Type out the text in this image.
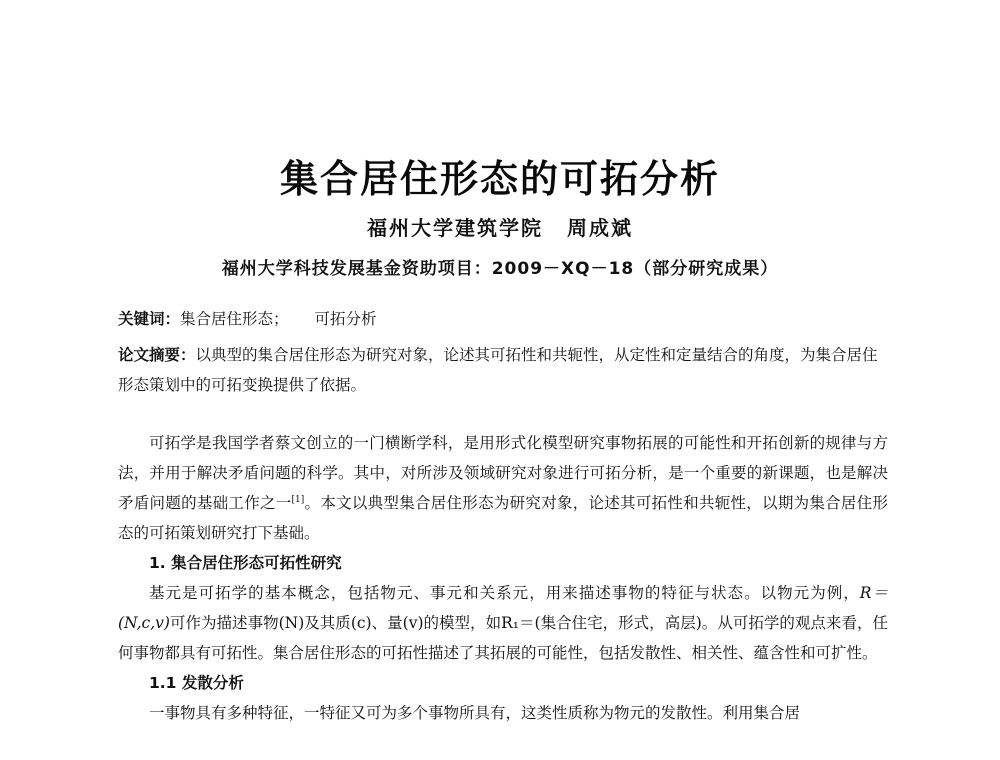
集合居住形态的可拓分析
福州大学建筑学院 周成斌
福州大学科技发展基金资助项目：2009－XQ－18（部分研究成果）
关键词：集合居住形态； 可拓分析
论文摘要：以典型的集合居住形态为研究对象，论述其可拓性和共轭性，从定性和定量结合的角度，为集合居住形态策划中的可拓变换提供了依据。

可拓学是我国学者蔡文创立的一门横断学科，是用形式化模型研究事物拓展的可能性和开拓创新的规律与方法，并用于解决矛盾问题的科学。其中，对所涉及领域研究对象进行可拓分析，是一个重要的新课题，也是解决矛盾问题的基础工作之一[1]。本文以典型集合居住形态为研究对象，论述其可拓性和共轭性，以期为集合居住形态的可拓策划研究打下基础。

1. 集合居住形态可拓性研究

基元是可拓学的基本概念，包括物元、事元和关系元，用来描述事物的特征与状态。以物元为例，R＝(N,c,v)可作为描述事物(N)及其质(c)、量(v)的模型，如R₁＝(集合住宅，形式，高层)。从可拓学的观点来看，任何事物都具有可拓性。集合居住形态的可拓性描述了其拓展的可能性，包括发散性、相关性、蕴含性和可扩性。

1.1 发散分析

一事物具有多种特征，一特征又可为多个事物所具有，这类性质称为物元的发散性。利用集合居
